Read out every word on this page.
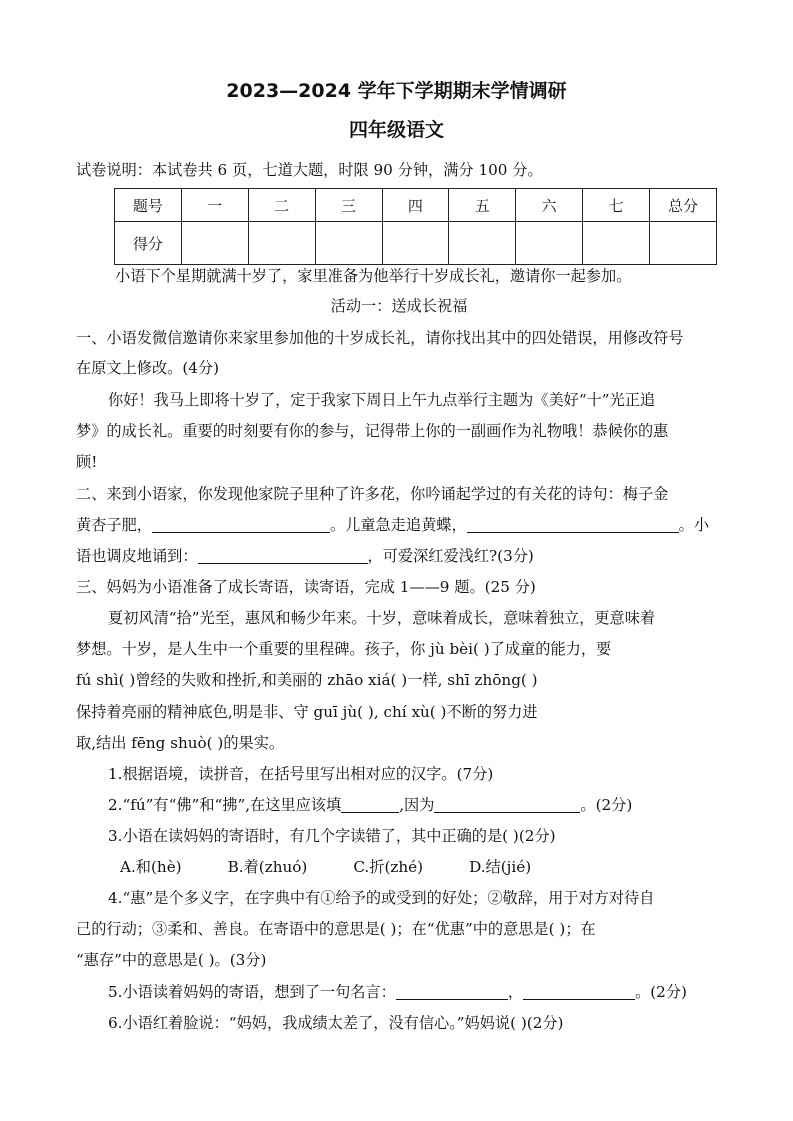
2023—2024 学年下学期期末学情调研
四年级语文
试卷说明：本试卷共 6 页，七道大题，时限 90 分钟，满分 100 分。
题号	一	二	三	四	五	六	七	总分
得分								
小语下个星期就满十岁了，家里准备为他举行十岁成长礼，邀请你一起参加。
活动一：送成长祝福
一、小语发微信邀请你来家里参加他的十岁成长礼，请你找出其中的四处错误，用修改符号
在原文上修改。(4分)
你好！我马上即将十岁了，定于我家下周日上午九点举行主题为《美好“十”光正追
梦》的成长礼。重要的时刻要有你的参与，记得带上你的一副画作为礼物哦！恭候你的惠
顾!
二、来到小语家，你发现他家院子里种了许多花，你吟诵起学过的有关花的诗句：梅子金
黄杏子肥，	。儿童急走追黄蝶，	。小
语也调皮地诵到：	，可爱深红爱浅红?(3分)
三、妈妈为小语准备了成长寄语，读寄语，完成 1——9 题。(25 分)
夏初风清“拾”光至，惠风和畅少年来。十岁，意味着成长，意味着独立，更意味着
梦想。十岁，是人生中一个重要的里程碑。孩子，你 jù bèi( )了成童的能力，要
fú shì( )曾经的失败和挫折,和美丽的 zhāo xiá( )一样, shī zhōng( )
保持着亮丽的精神底色,明是非、守 guī jù( ), chí xù( )不断的努力进
取,结出 fēng shuò( )的果实。
1.根据语境，读拼音，在括号里写出相对应的汉字。(7分)
2.“fú”有“佛”和“拂”,在这里应该填	,因为	。(2分)
3.小语在读妈妈的寄语时，有几个字读错了，其中正确的是( )(2分)
A.和(hè)	B.着(zhuó)	C.折(zhé)	D.结(jié)
4.“惠”是个多义字，在字典中有①给予的或受到的好处；②敬辞，用于对方对待自
己的行动；③柔和、善良。在寄语中的意思是( )；在“优惠”中的意思是( )；在
“惠存”中的意思是( )。(3分)
5.小语读着妈妈的寄语，想到了一句名言：	，	。(2分)
6.小语红着脸说：“妈妈，我成绩太差了，没有信心。”妈妈说( )(2分)
